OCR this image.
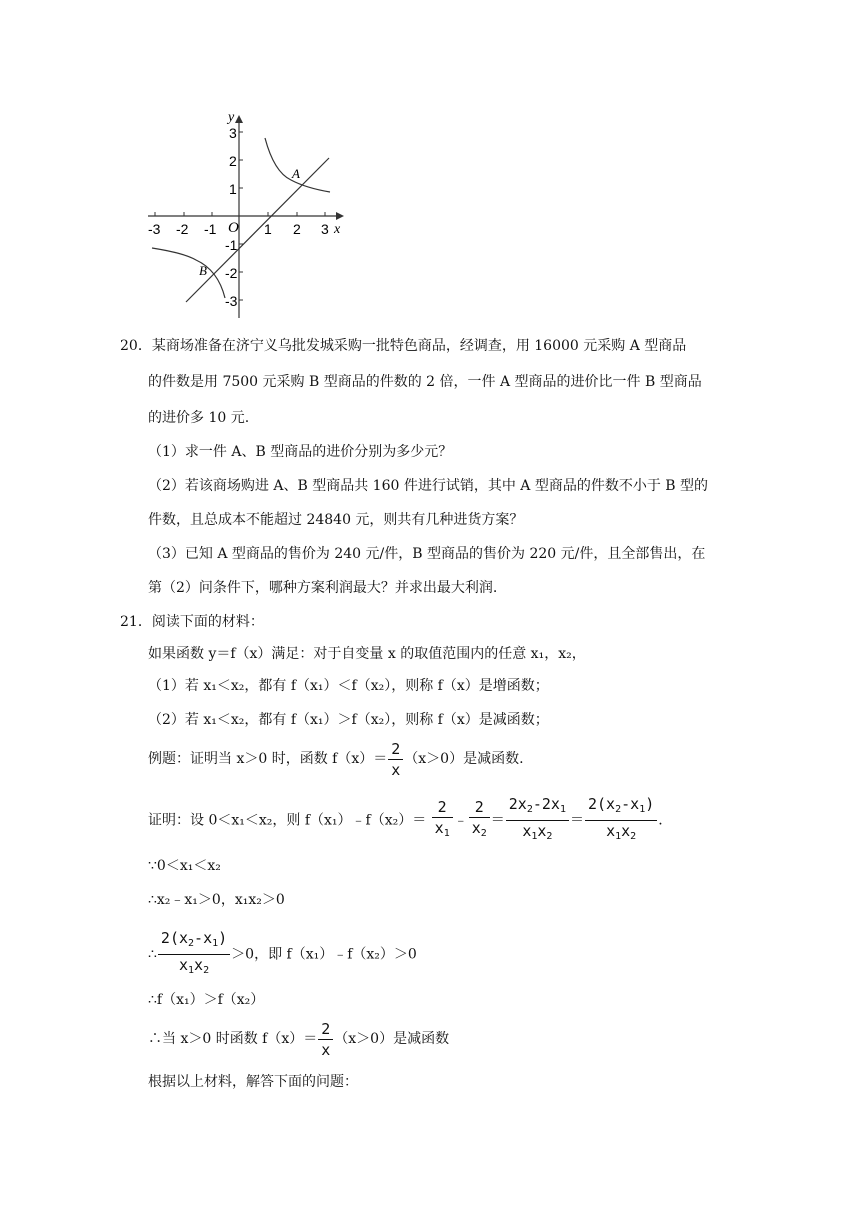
y
x
O
-3 -2 -1	1 2 3
3
2
1
-1
-2
-3
A
B
20．某商场准备在济宁义乌批发城采购一批特色商品，经调查，用 16000 元采购 A 型商品
的件数是用 7500 元采购 B 型商品的件数的 2 倍，一件 A 型商品的进价比一件 B 型商品
的进价多 10 元.
（1）求一件 A、B 型商品的进价分别为多少元？
（2）若该商场购进 A、B 型商品共 160 件进行试销，其中 A 型商品的件数不小于 B 型的
件数，且总成本不能超过 24840 元，则共有几种进货方案？
（3）已知 A 型商品的售价为 240 元/件，B 型商品的售价为 220 元/件，且全部售出，在
第（2）问条件下，哪种方案利润最大？并求出最大利润.
21．阅读下面的材料：
如果函数 y＝f（x）满足：对于自变量 x 的取值范围内的任意 x₁，x₂，
（1）若 x₁＜x₂，都有 f（x₁）＜f（x₂），则称 f（x）是增函数；
（2）若 x₁＜x₂，都有 f（x₁）＞f（x₂），则称 f（x）是减函数；
例题：证明当 x＞0 时，函数 $f(x)= \frac{2}{x} (x>0)$是减函数.
证明：设 0＜x₁＜x₂，则 f（x₁）﹣f（x₂）＝ $\frac{2}{x_1}$ ﹣ $\frac{2}{x_2} = \frac{2x_2-2x_1}{x_1x_2} = \frac{2(x_2-x_1)}{x_1x_2}$ .
∵0＜x₁＜x₂
∴x₂﹣x₁＞0，x₁x₂＞0
∴ $\frac{2(x_2-x_1)}{x_1x_2} >0$，即 f（x₁）﹣f（x₂）＞0
∴f（x₁）＞f（x₂）
∴当 x＞0 时函数 $f(x)= \frac{2}{x} (x>0)$是减函数
根据以上材料，解答下面的问题：
